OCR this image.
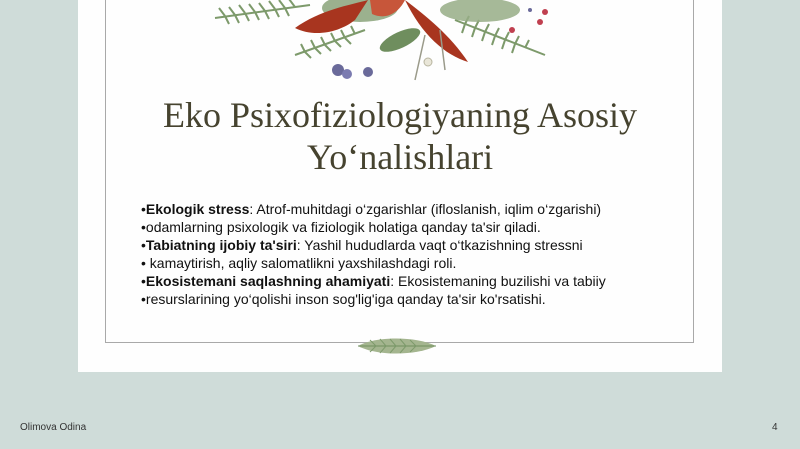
Eko Psixofiziologiyaning Asosiy
Yo‘nalishlari
•Ekologik stress: Atrof-muhitdagi o‘zgarishlar (ifloslanish, iqlim o‘zgarishi)
•odamlarning psixologik va fiziologik holatiga qanday ta'sir qiladi.
•Tabiatning ijobiy ta'siri: Yashil hududlarda vaqt o‘tkazishning stressni
• kamaytirish, aqliy salomatlikni yaxshilashdagi roli.
•Ekosistemani saqlashning ahamiyati: Ekosistemaning buzilishi va tabiiy
•resurslarining yo‘qolishi inson sog'lig'iga qanday ta'sir ko'rsatishi.
Olimova Odina	4
